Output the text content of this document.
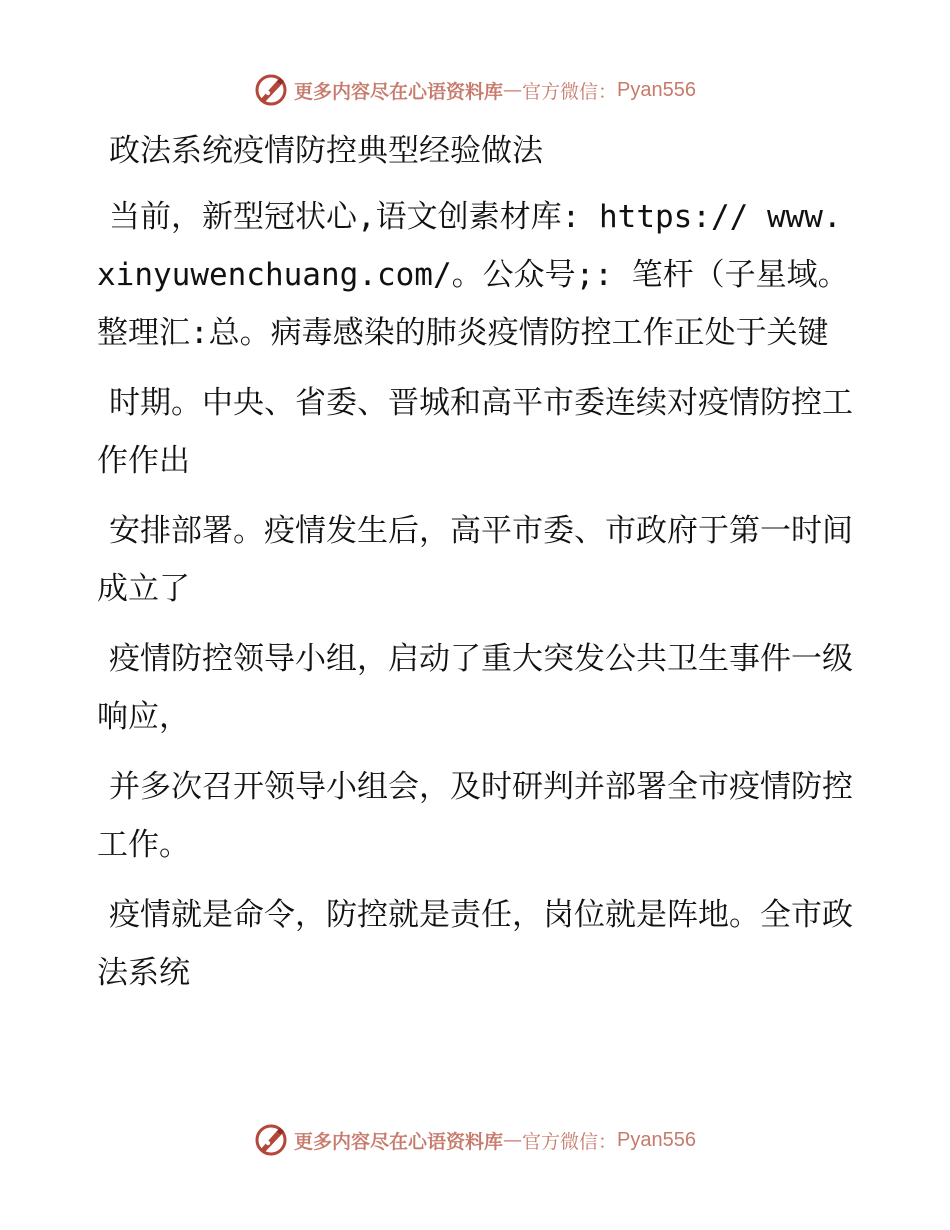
更多内容尽在心语资料库 — 官方微信： Pyan556

政法系统疫情防控典型经验做法

当前，新型冠状心,语文创素材库: https:// www.xinyuwenchuang.com/。公众号;: 笔杆（子星域。整理汇:总。病毒感染的肺炎疫情防控工作正处于关键

时期。中央、省委、晋城和高平市委连续对疫情防控工作作出

安排部署。疫情发生后，高平市委、市政府于第一时间成立了

疫情防控领导小组，启动了重大突发公共卫生事件一级响应，

并多次召开领导小组会，及时研判并部署全市疫情防控工作。

疫情就是命令，防控就是责任，岗位就是阵地。全市政法系统

更多内容尽在心语资料库 — 官方微信： Pyan556
